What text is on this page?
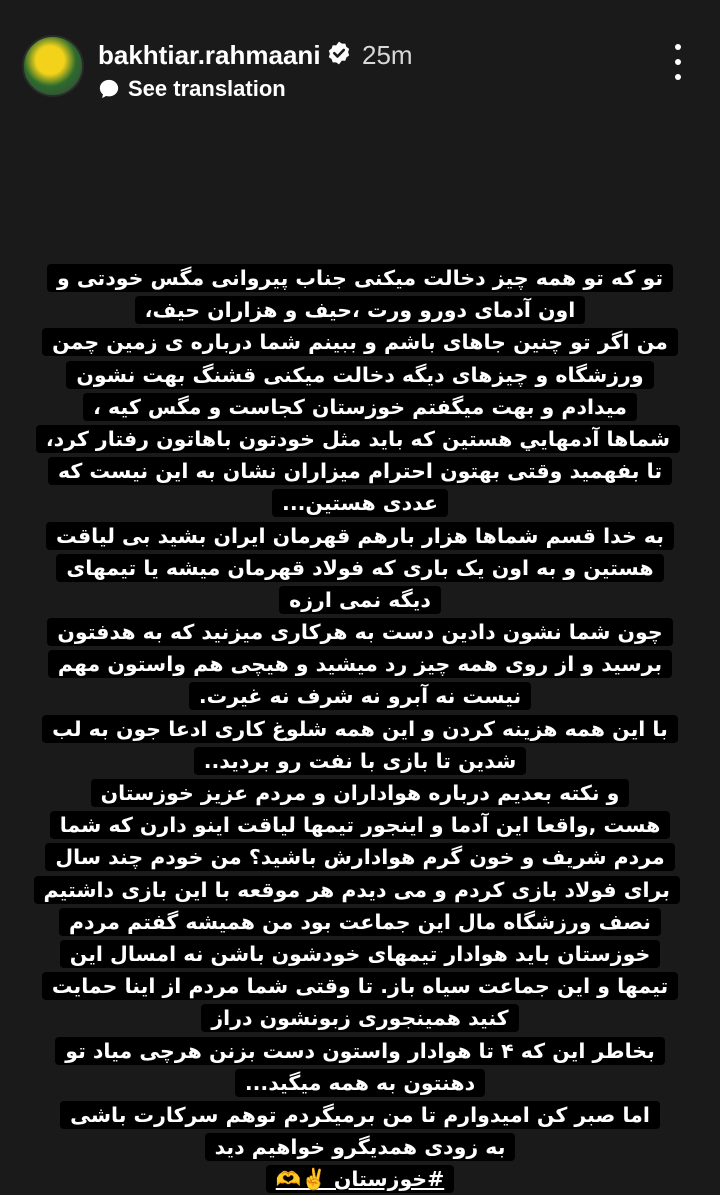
bakhtiar.rahmaani 25m
See translation
تو که تو همه چیز دخالت میکنی جناب پیروانی مگس خودتی و
اون آدمای دورو ورت ،حیف و هزاران حیف،
من اگر تو چنین جاهای باشم و ببینم شما درباره ی زمین چمن
ورزشگاه و چیزهای دیگه دخالت میکنی قشنگ بهت نشون
میدادم و بهت میگفتم خوزستان کجاست و مگس کیه ،
شماها آدمهایي هستین که باید مثل خودتون باهاتون رفتار کرد،
تا بفهمید وقتی بهتون احترام میزاران نشان به این نیست که
عددی هستین...
به خدا قسم شماها هزار بارهم قهرمان ایران بشید بی لیاقت
هستین و به اون یک باری که فولاد قهرمان میشه یا تیمهای
دیگه نمی ارزه
چون شما نشون دادین دست به هرکاری میزنید که به هدفتون
برسید و از روی همه چیز رد میشید و هیچی هم واستون مهم
نیست نه آبرو نه شرف نه غیرت.
با این همه هزینه کردن و این همه شلوغ کاری ادعا جون به لب
شدین تا بازی با نفت رو بردید..
و نکته بعدیم درباره هواداران و مردم عزیز خوزستان
هست ,واقعا این آدما و اینجور تیمها لیاقت اینو دارن که شما
مردم شریف و خون گرم هوادارش باشید؟ من خودم چند سال
برای فولاد بازی کردم و می دیدم هر موقعه با این بازی داشتیم
نصف ورزشگاه مال این جماعت بود من همیشه گفتم مردم
خوزستان باید هوادار تیمهای خودشون باشن نه امسال این
تیمها و این جماعت سیاه باز. تا وقتی شما مردم از اینا حمایت
کنید همینجوری زبونشون دراز
بخاطر این که ۴ تا هوادار واستون دست بزنن هرچی میاد تو
دهنتون به همه میگید...
اما صبر کن امیدوارم تا من برمیگردم توهم سرکارت باشی
به زودی همدیگرو خواهیم دید
#خوزستان ✌️🫶
